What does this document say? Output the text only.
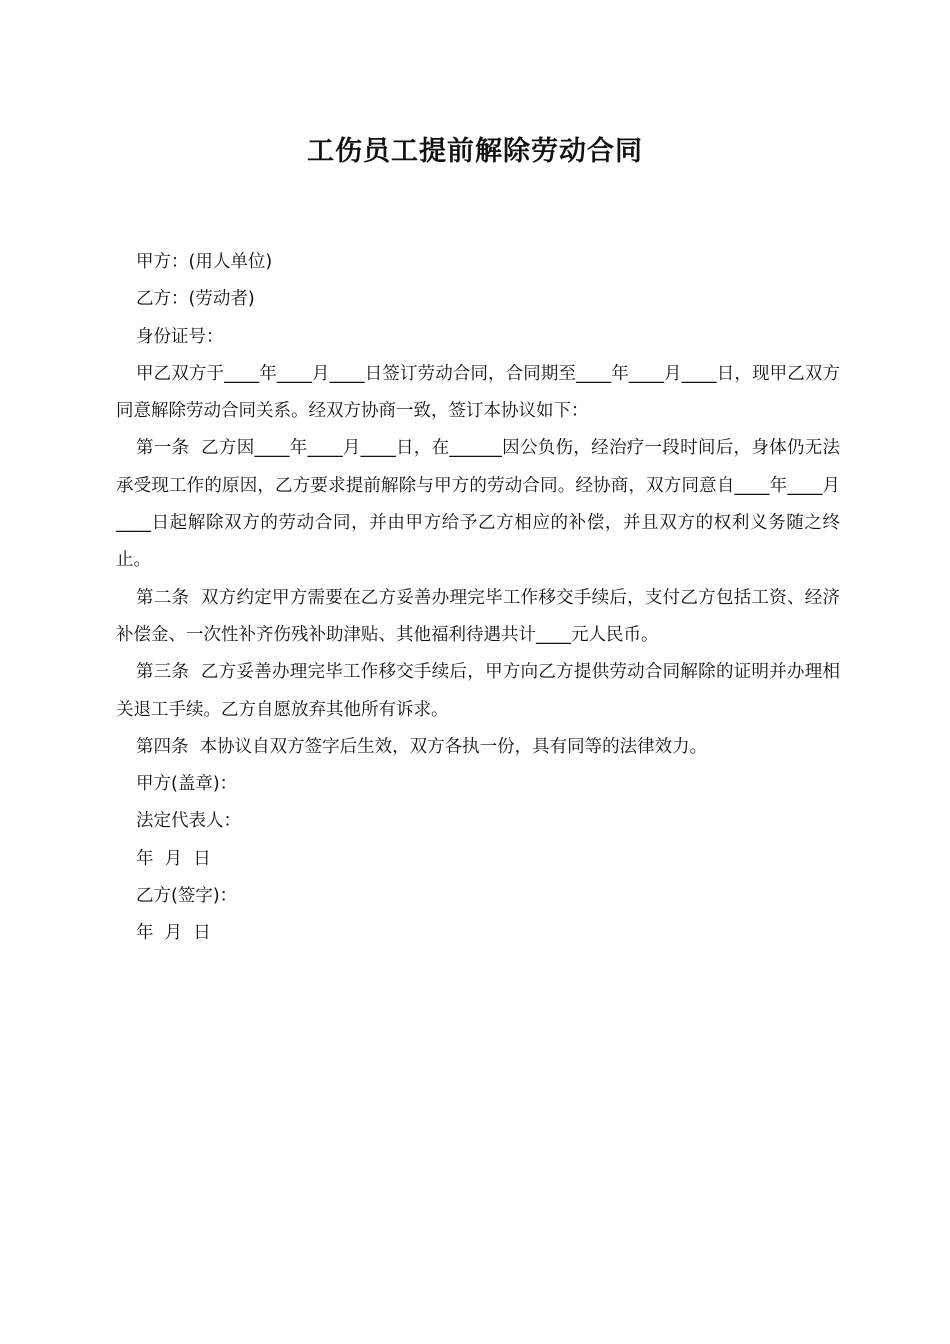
工伤员工提前解除劳动合同

甲方：(用人单位)

乙方：(劳动者)

身份证号：

甲乙双方于____年____月____日签订劳动合同，合同期至____年____月____日，现甲乙双方同意解除劳动合同关系。经双方协商一致，签订本协议如下：

第一条  乙方因____年____月____日，在______因公负伤，经治疗一段时间后，身体仍无法承受现工作的原因，乙方要求提前解除与甲方的劳动合同。经协商，双方同意自____年____月____日起解除双方的劳动合同，并由甲方给予乙方相应的补偿，并且双方的权利义务随之终止。

第二条  双方约定甲方需要在乙方妥善办理完毕工作移交手续后，支付乙方包括工资、经济补偿金、一次性补齐伤残补助津贴、其他福利待遇共计____元人民币。

第三条  乙方妥善办理完毕工作移交手续后，甲方向乙方提供劳动合同解除的证明并办理相关退工手续。乙方自愿放弃其他所有诉求。

第四条  本协议自双方签字后生效，双方各执一份，具有同等的法律效力。

甲方(盖章)：

法定代表人：

年  月  日

乙方(签字)：

年  月  日
